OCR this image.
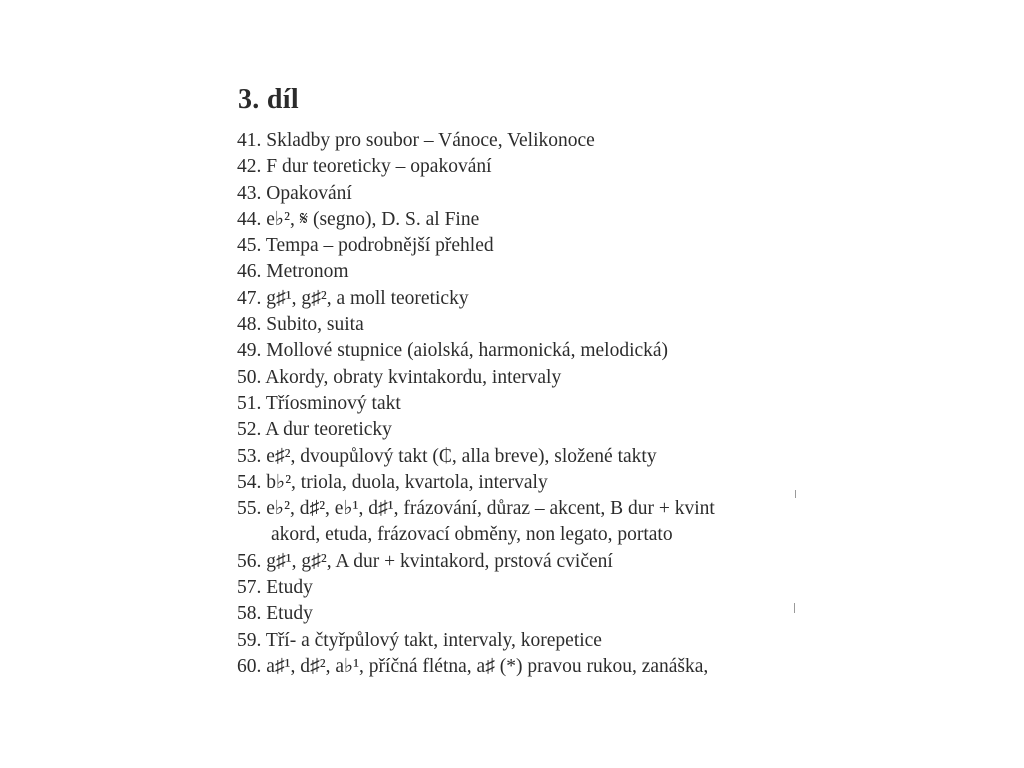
3. díl
41. Skladby pro soubor – Vánoce, Velikonoce
42. F dur teoreticky – opakování
43. Opakování
44. e♭², 𝄋 (segno), D. S. al Fine
45. Tempa – podrobnější přehled
46. Metronom
47. g♯¹, g♯², a moll teoreticky
48. Subito, suita
49. Mollové stupnice (aiolská, harmonická, melodická)
50. Akordy, obraty kvintakordu, intervaly
51. Tříosminový takt
52. A dur teoreticky
53. e♯², dvoupůlový takt (₵, alla breve), složené takty
54. b♭², triola, duola, kvartola, intervaly
55. e♭², d♯², e♭¹, d♯¹, frázování, důraz – akcent, B dur + kvint
akord, etuda, frázovací obměny, non legato, portato
56. g♯¹, g♯², A dur + kvintakord, prstová cvičení
57. Etudy
58. Etudy
59. Tří- a čtyřpůlový takt, intervaly, korepetice
60. a♯¹, d♯², a♭¹, příčná flétna, a♯ (*) pravou rukou, zanáška,
